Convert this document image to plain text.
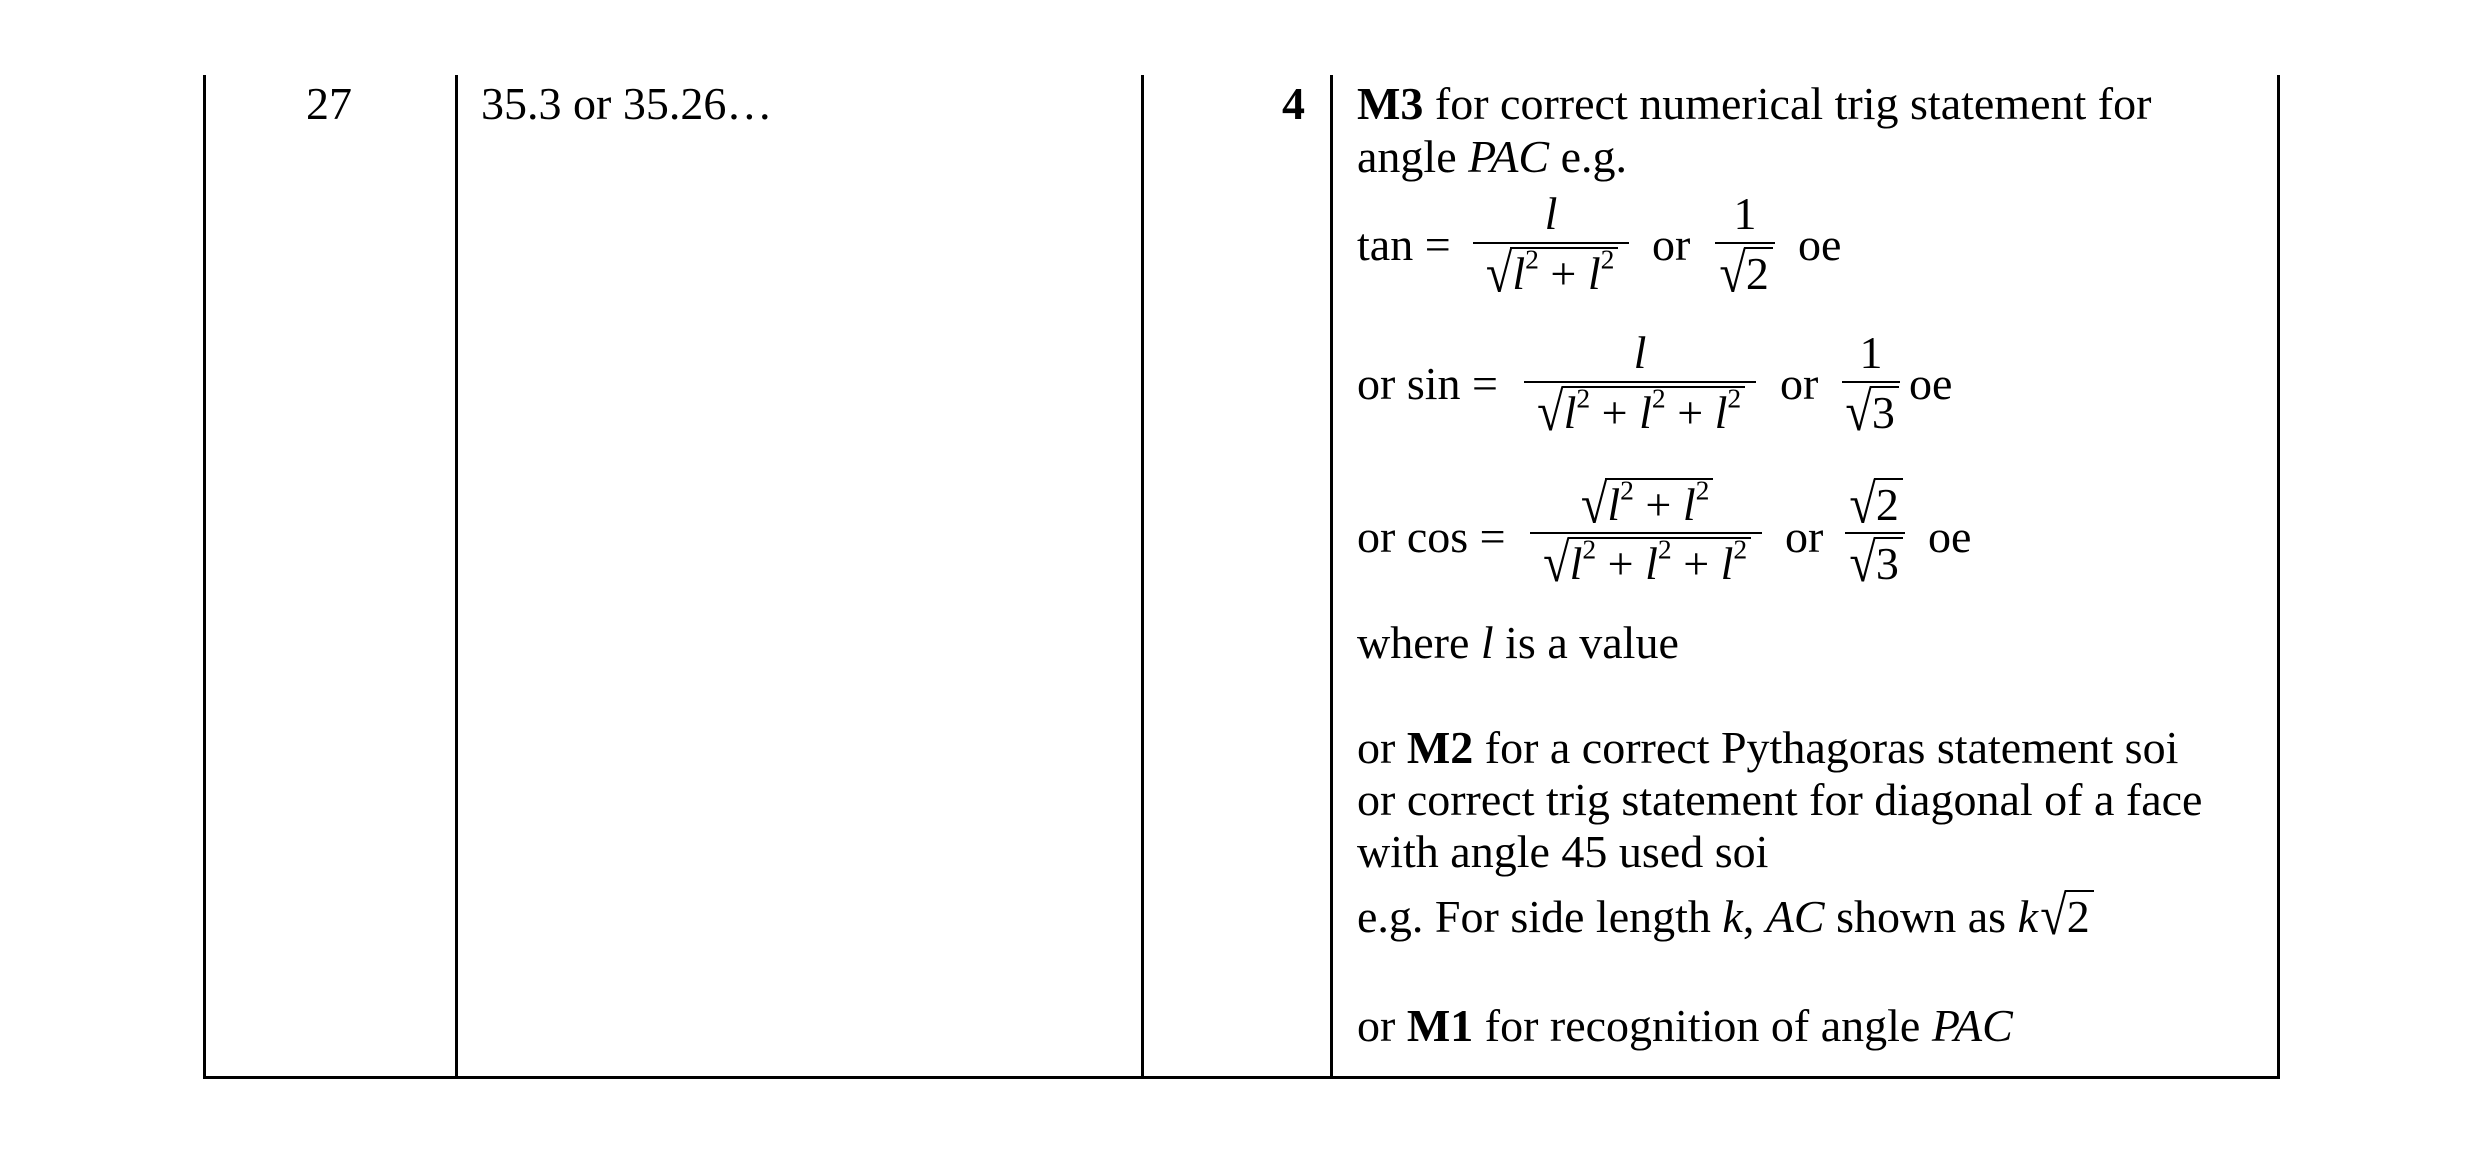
27	35.3 or 35.26…	4 M3 for correct numerical trig statement for
angle PAC e.g.
tan =
l
$√l^2 + l^2$ or
1
√2
oe
or sin =
l
$√l^2 + l^2 + l^2$ or
1
√3
oe
or cos =
$√l^2 + l^2$
$√l^2 + l^2 + l^2$ or
√2
√3
oe
where l is a value
or M2 for a correct Pythagoras statement soi
or correct trig statement for diagonal of a face
with angle 45 used soi
e.g. For side length k, AC shown as k√2
or M1 for recognition of angle PAC
